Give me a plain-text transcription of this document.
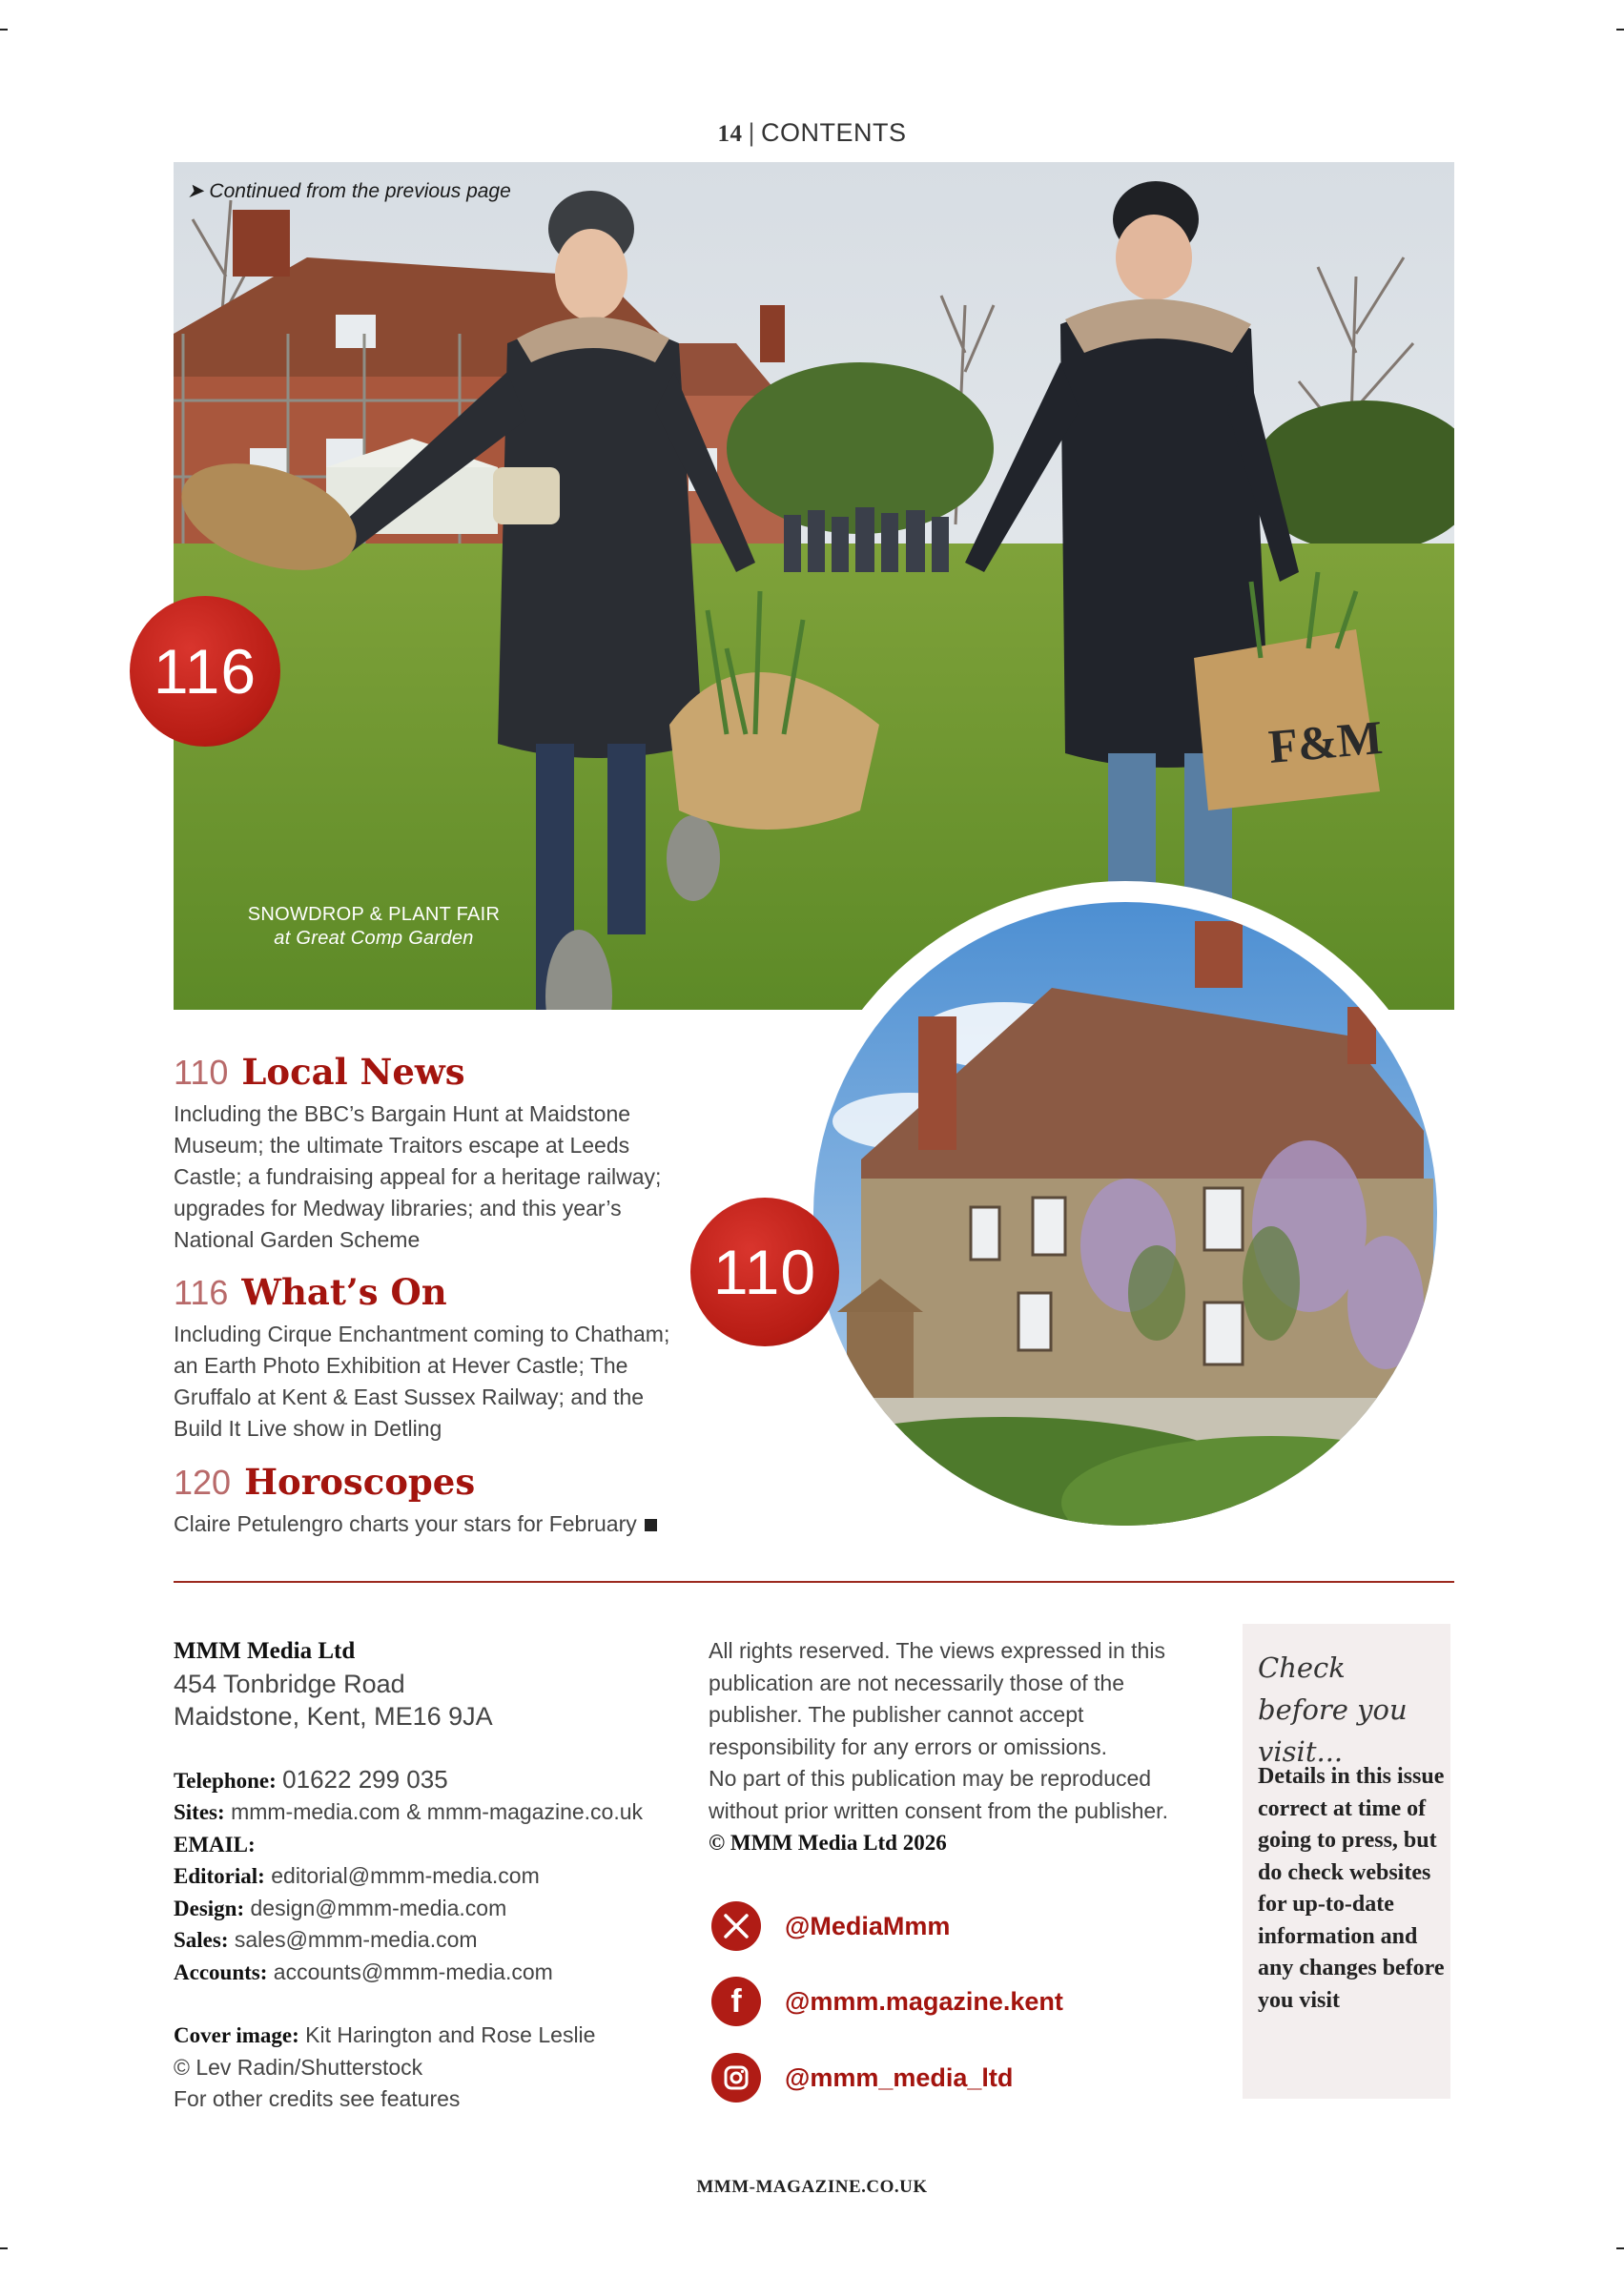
14 | CONTENTS
F&M
➤ Continued from the previous page
SNOWDROP & PLANT FAIR
at Great Comp Garden
116
110
110 Local News
Including the BBC’s Bargain Hunt at Maidstone Museum; the ultimate Traitors escape at Leeds Castle; a fundraising appeal for a heritage railway; upgrades for Medway libraries; and this year’s National Garden Scheme
116 What’s On
Including Cirque Enchantment coming to Chatham; an Earth Photo Exhibition at Hever Castle; The Gruffalo at Kent & East Sussex Railway; and the Build It Live show in Detling
120 Horoscopes
Claire Petulengro charts your stars for February
MMM Media Ltd
454 Tonbridge Road
Maidstone, Kent, ME16 9JA
Telephone: 01622 299 035
Sites: mmm-media.com & mmm-magazine.co.uk
EMAIL:
Editorial: editorial@mmm-media.com
Design: design@mmm-media.com
Sales: sales@mmm-media.com
Accounts: accounts@mmm-media.com
Cover image: Kit Harington and Rose Leslie
© Lev Radin/Shutterstock
For other credits see features
All rights reserved. The views expressed in this publication are not necessarily those of the publisher. The publisher cannot accept responsibility for any errors or omissions.
No part of this publication may be reproduced without prior written consent from the publisher.
© MMM Media Ltd 2026
@MediaMmm
f @mmm.magazine.kent
@mmm_media_ltd
Check before you visit...
Details in this issue correct at time of going to press, but do check websites for up-to-date information and any changes before you visit
MMM-MAGAZINE.CO.UK
